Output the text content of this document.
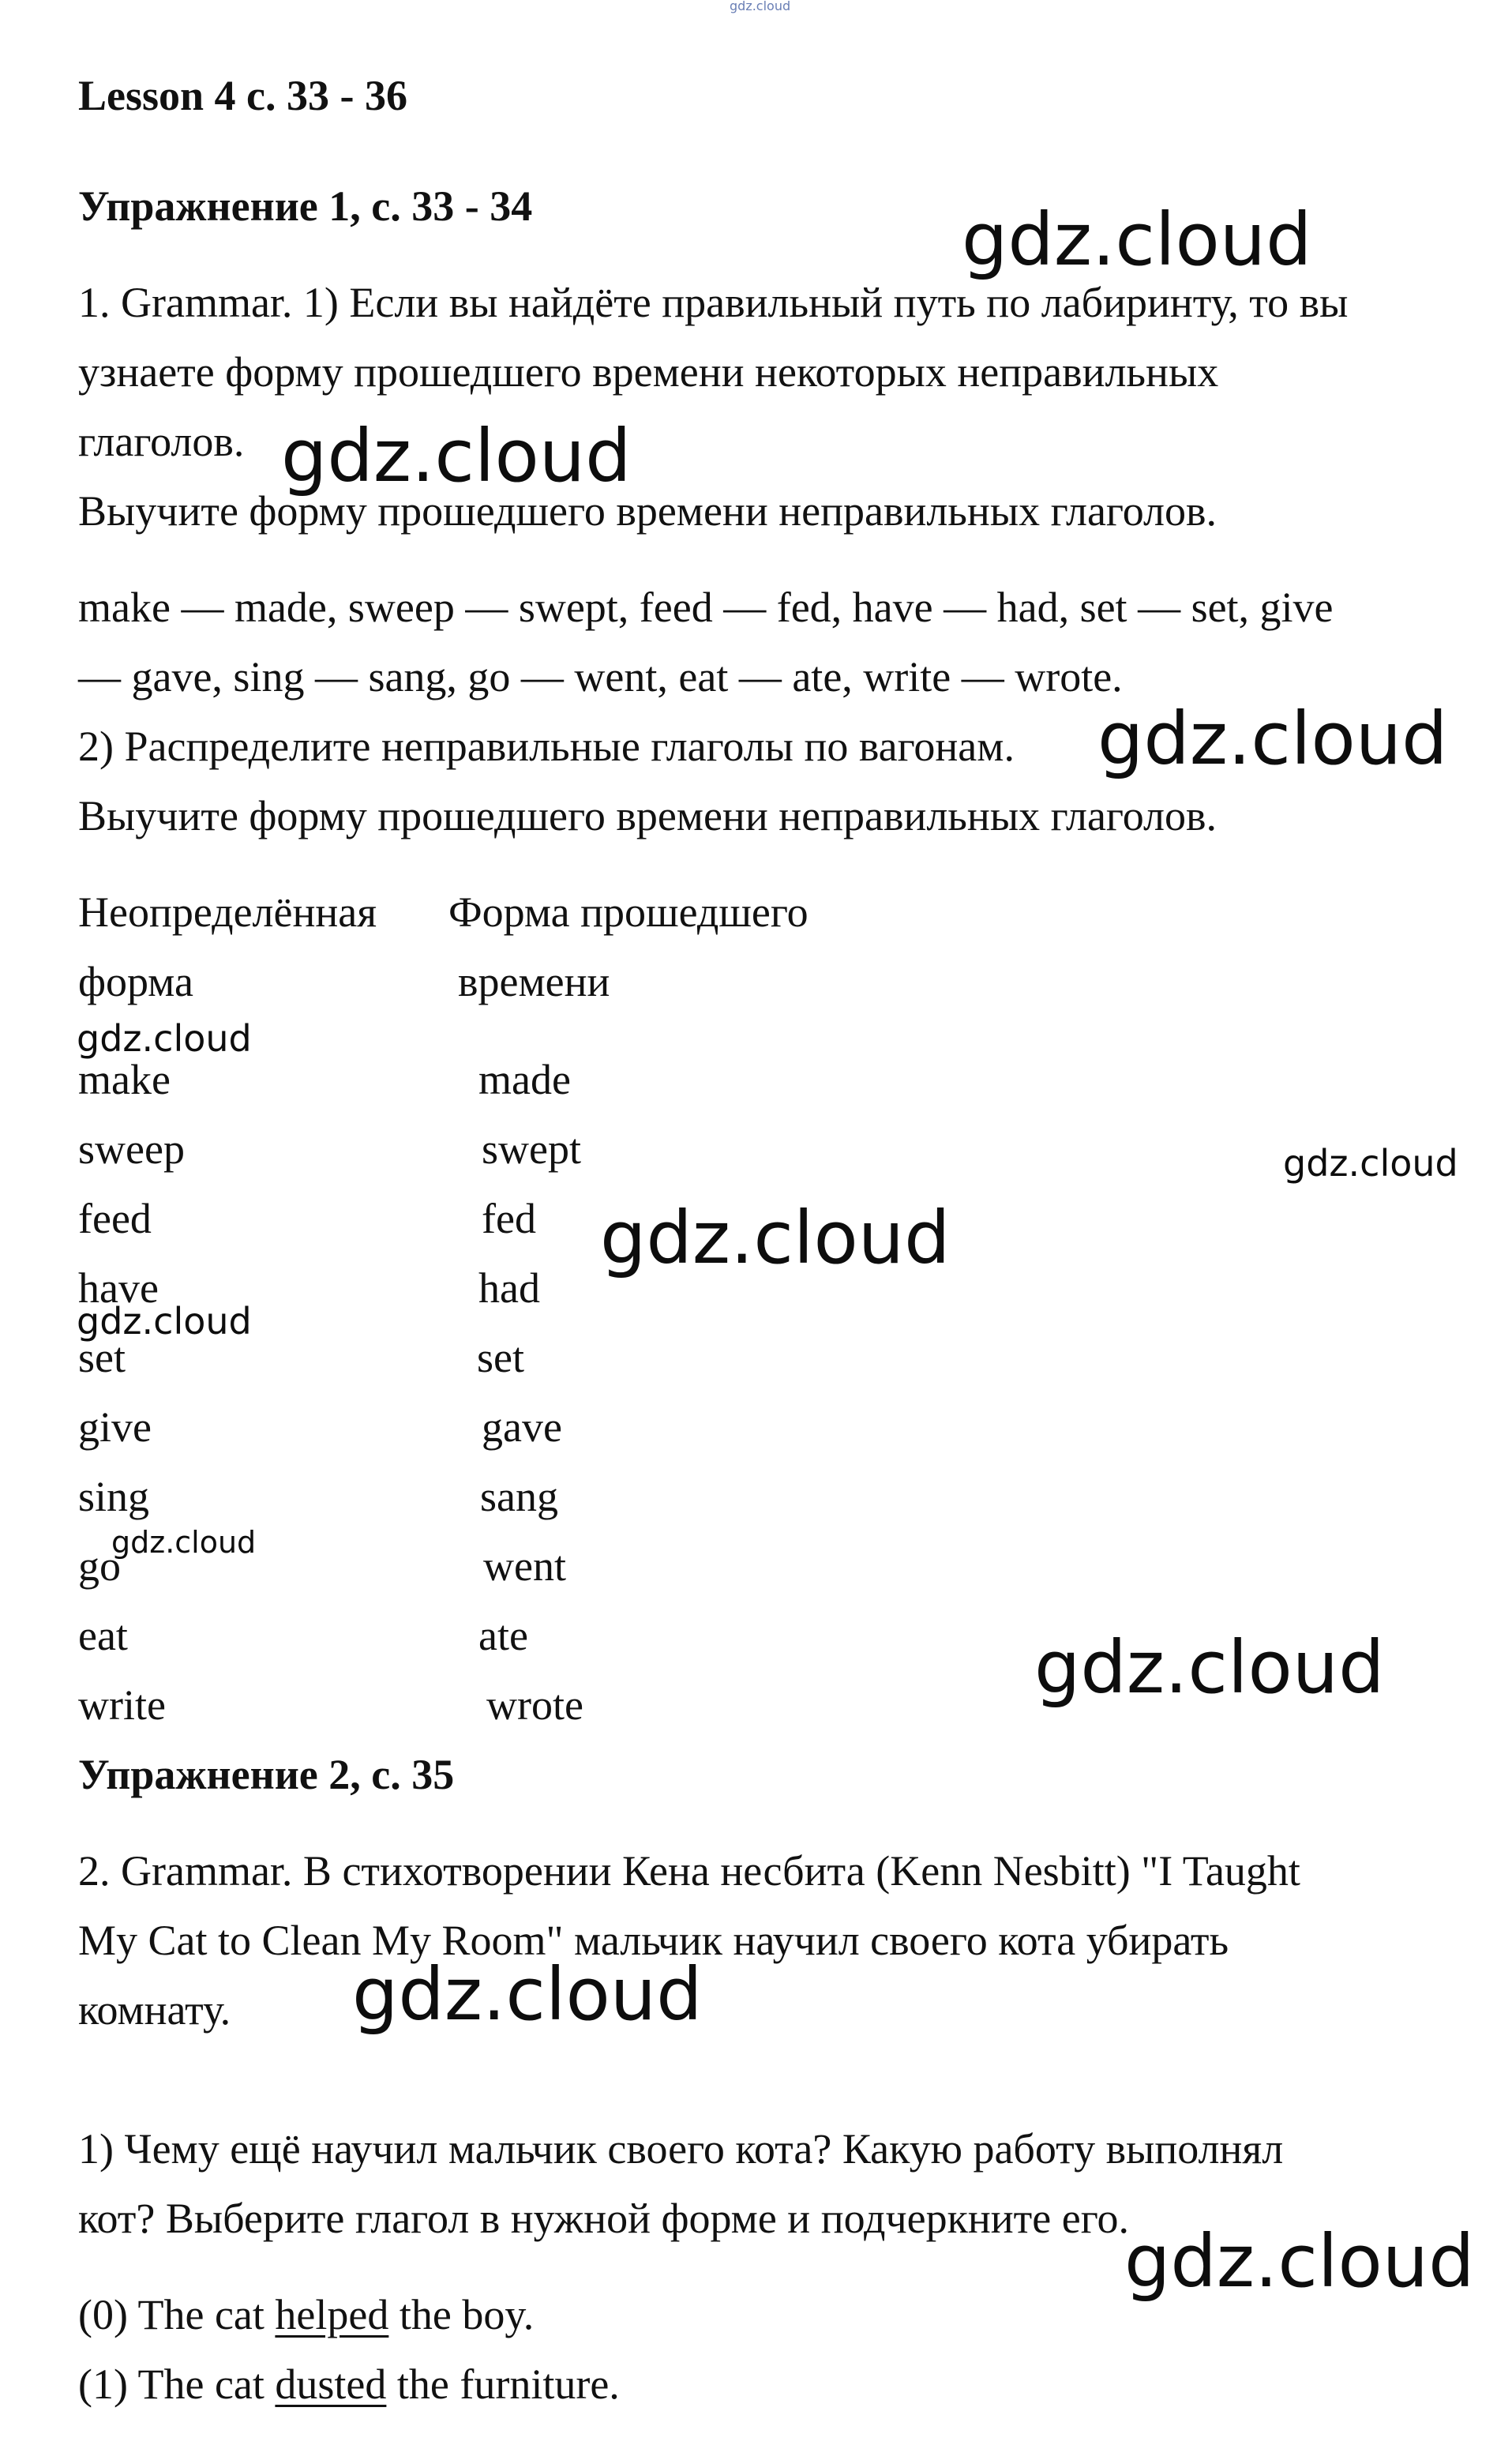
gdz.cloud
Lesson 4 с. 33 - 36
Упражнение 1, с. 33 - 34	gdz.cloud
1. Grammar. 1) Если вы найдёте правильный путь по лабиринту, то вы
узнаете форму прошедшего времени некоторых неправильных
глаголов. gdz.cloud
Выучите форму прошедшего времени неправильных глаголов.
make — made, sweep — swept, feed — fed, have — had, set — set, give
— gave, sing — sang, go — went, eat — ate, write — wrote.
2) Распределите неправильные глаголы по вагонам. gdz.cloud
Выучите форму прошедшего времени неправильных глаголов.
Неопределённая Форма прошедшего
форма	времени
gdz.cloud
make	made
sweep	swept	gdz.cloud
feed	fed gdz.cloud
have	had
gdz.cloud
set	set
give	gave
sing	sang
gdz.cloud
go	went
eat	ate	gdz.cloud
write	wrote
Упражнение 2, с. 35
2. Grammar. В стихотворении Кена несбита (Kenn Nesbitt) "I Taught
My Cat to Clean My Room" мальчик научил своего кота убирать
комнату. gdz.cloud
1) Чему ещё научил мальчик своего кота? Какую работу выполнял
кот? Выберите глагол в нужной форме и подчеркните его.
gdz.cloud
(0) The cat helped the boy.
(1) The cat dusted the furniture.
